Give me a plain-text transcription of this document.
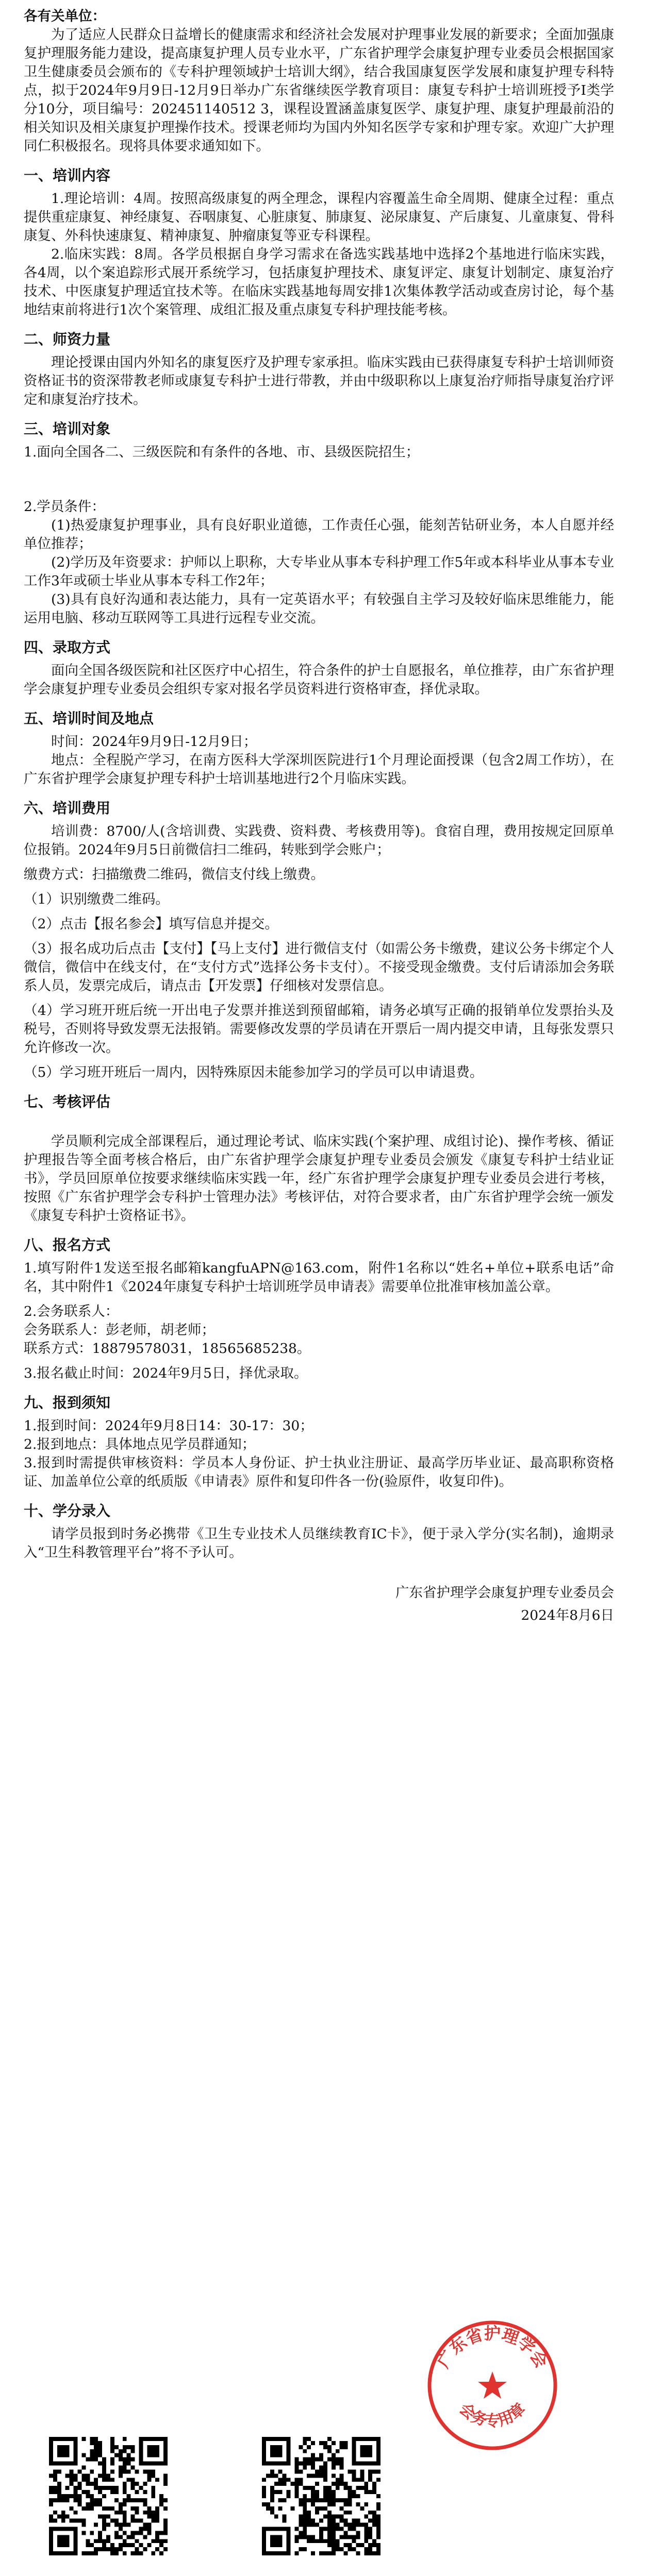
各有关单位：

为了适应人民群众日益增长的健康需求和经济社会发展对护理事业发展的新要求；全面加强康复护理服务能力建设，提高康复护理人员专业水平，广东省护理学会康复护理专业委员会根据国家卫生健康委员会颁布的《专科护理领域护士培训大纲》，结合我国康复医学发展和康复护理专科特点，拟于2024年9月9日-12月9日举办广东省继续医学教育项目：康复专科护士培训班授予Ⅰ类学分10分，项目编号：202451140512 3，课程设置涵盖康复医学、康复护理、康复护理最前沿的相关知识及相关康复护理操作技术。授课老师均为国内外知名医学专家和护理专家。欢迎广大护理同仁积极报名。现将具体要求通知如下。

一、培训内容

1.理论培训：4周。按照高级康复的两全理念，课程内容覆盖生命全周期、健康全过程：重点提供重症康复、神经康复、吞咽康复、心脏康复、肺康复、泌尿康复、产后康复、儿童康复、骨科康复、外科快速康复、精神康复、肿瘤康复等亚专科课程。

2.临床实践：8周。各学员根据自身学习需求在备选实践基地中选择2个基地进行临床实践，各4周，以个案追踪形式展开系统学习，包括康复护理技术、康复评定、康复计划制定、康复治疗技术、中医康复护理适宜技术等。在临床实践基地每周安排1次集体教学活动或查房讨论，每个基地结束前将进行1次个案管理、成组汇报及重点康复专科护理技能考核。

二、师资力量

理论授课由国内外知名的康复医疗及护理专家承担。临床实践由已获得康复专科护士培训师资资格证书的资深带教老师或康复专科护士进行带教，并由中级职称以上康复治疗师指导康复治疗评定和康复治疗技术。

三、培训对象

1.面向全国各二、三级医院和有条件的各地、市、县级医院招生；

2.学员条件：

(1)热爱康复护理事业，具有良好职业道德，工作责任心强，能刻苦钻研业务，本人自愿并经单位推荐；

(2)学历及年资要求：护师以上职称，大专毕业从事本专科护理工作5年或本科毕业从事本专业工作3年或硕士毕业从事本专科工作2年；

(3)具有良好沟通和表达能力，具有一定英语水平；有较强自主学习及较好临床思维能力，能运用电脑、移动互联网等工具进行远程专业交流。

四、录取方式

面向全国各级医院和社区医疗中心招生，符合条件的护士自愿报名，单位推荐，由广东省护理学会康复护理专业委员会组织专家对报名学员资料进行资格审查，择优录取。

五、培训时间及地点

时间：2024年9月9日-12月9日；

地点：全程脱产学习，在南方医科大学深圳医院进行1个月理论面授课（包含2周工作坊），在广东省护理学会康复护理专科护士培训基地进行2个月临床实践。

六、培训费用

培训费：8700/人(含培训费、实践费、资料费、考核费用等)。食宿自理，费用按规定回原单位报销。2024年9月5日前微信扫二维码，转账到学会账户；

缴费方式：扫描缴费二维码，微信支付线上缴费。

（1）识别缴费二维码。

（2）点击【报名参会】填写信息并提交。

（3）报名成功后点击【支付】【马上支付】进行微信支付（如需公务卡缴费，建议公务卡绑定个人微信，微信中在线支付，在“支付方式”选择公务卡支付）。不接受现金缴费。支付后请添加会务联系人员，发票完成后，请点击【开发票】仔细核对发票信息。

（4）学习班开班后统一开出电子发票并推送到预留邮箱，请务必填写正确的报销单位发票抬头及税号，否则将导致发票无法报销。需要修改发票的学员请在开票后一周内提交申请，且每张发票只允许修改一次。

（5）学习班开班后一周内，因特殊原因未能参加学习的学员可以申请退费。

七、考核评估

学员顺利完成全部课程后，通过理论考试、临床实践(个案护理、成组讨论)、操作考核、循证护理报告等全面考核合格后，由广东省护理学会康复护理专业委员会颁发《康复专科护士结业证书》，学员回原单位按要求继续临床实践一年，经广东省护理学会康复护理专业委员会进行考核，按照《广东省护理学会专科护士管理办法》考核评估，对符合要求者，由广东省护理学会统一颁发《康复专科护士资格证书》。

八、报名方式

1.填写附件1发送至报名邮箱kangfuAPN@163.com，附件1名称以“姓名+单位+联系电话”命名，其中附件1《2024年康复专科护士培训班学员申请表》需要单位批准审核加盖公章。

2.会务联系人：

会务联系人：彭老师，胡老师；

联系方式：18879578031，18565685238。

3.报名截止时间：2024年9月5日，择优录取。

九、报到须知

1.报到时间：2024年9月8日14：30-17：30；

2.报到地点：具体地点见学员群通知；

3.报到时需提供审核资料：学员本人身份证、护士执业注册证、最高学历毕业证、最高职称资格证、加盖单位公章的纸质版《申请表》原件和复印件各一份(验原件，收复印件)。

十、学分录入

请学员报到时务必携带《卫生专业技术人员继续教育IC卡》，便于录入学分(实名制)，逾期录入“卫生科教管理平台”将不予认可。

广东省护理学会康复护理专业委员会

2024年8月6日

广东省护理学会
会务专用章
